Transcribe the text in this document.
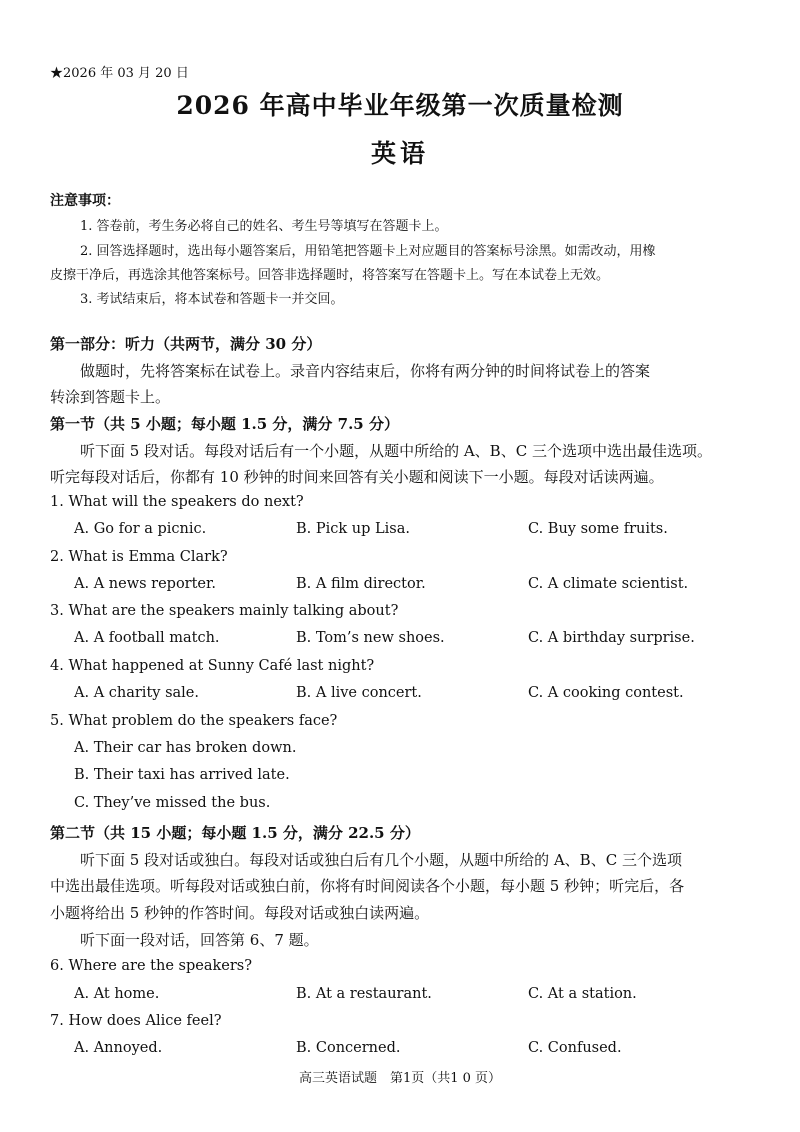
★2026 年 03 月 20 日
2026 年高中毕业年级第一次质量检测
英语
注意事项：
1. 答卷前，考生务必将自己的姓名、考生号等填写在答题卡上。
2. 回答选择题时，选出每小题答案后，用铅笔把答题卡上对应题目的答案标号涂黑。如需改动，用橡
皮擦干净后，再选涂其他答案标号。回答非选择题时，将答案写在答题卡上。写在本试卷上无效。
3. 考试结束后，将本试卷和答题卡一并交回。
第一部分：听力（共两节，满分 30 分）
做题时，先将答案标在试卷上。录音内容结束后，你将有两分钟的时间将试卷上的答案
转涂到答题卡上。
第一节（共 5 小题；每小题 1.5 分，满分 7.5 分）
听下面 5 段对话。每段对话后有一个小题，从题中所给的 A、B、C 三个选项中选出最佳选项。
听完每段对话后，你都有 10 秒钟的时间来回答有关小题和阅读下一小题。每段对话读两遍。
1. What will the speakers do next?
A. Go for a picnic.	B. Pick up Lisa.	C. Buy some fruits.
2. What is Emma Clark?
A. A news reporter.	B. A film director.	C. A climate scientist.
3. What are the speakers mainly talking about?
A. A football match.	B. Tom’s new shoes.	C. A birthday surprise.
4. What happened at Sunny Café last night?
A. A charity sale.	B. A live concert.	C. A cooking contest.
5. What problem do the speakers face?
A. Their car has broken down.
B. Their taxi has arrived late.
C. They’ve missed the bus.
第二节（共 15 小题；每小题 1.5 分，满分 22.5 分）
听下面 5 段对话或独白。每段对话或独白后有几个小题，从题中所给的 A、B、C 三个选项
中选出最佳选项。听每段对话或独白前，你将有时间阅读各个小题，每小题 5 秒钟；听完后，各
小题将给出 5 秒钟的作答时间。每段对话或独白读两遍。
听下面一段对话，回答第 6、7 题。
6. Where are the speakers?
A. At home.	B. At a restaurant.	C. At a station.
7. How does Alice feel?
A. Annoyed.	B. Concerned.	C. Confused.
高三英语试题　第1页（共1 0 页）
